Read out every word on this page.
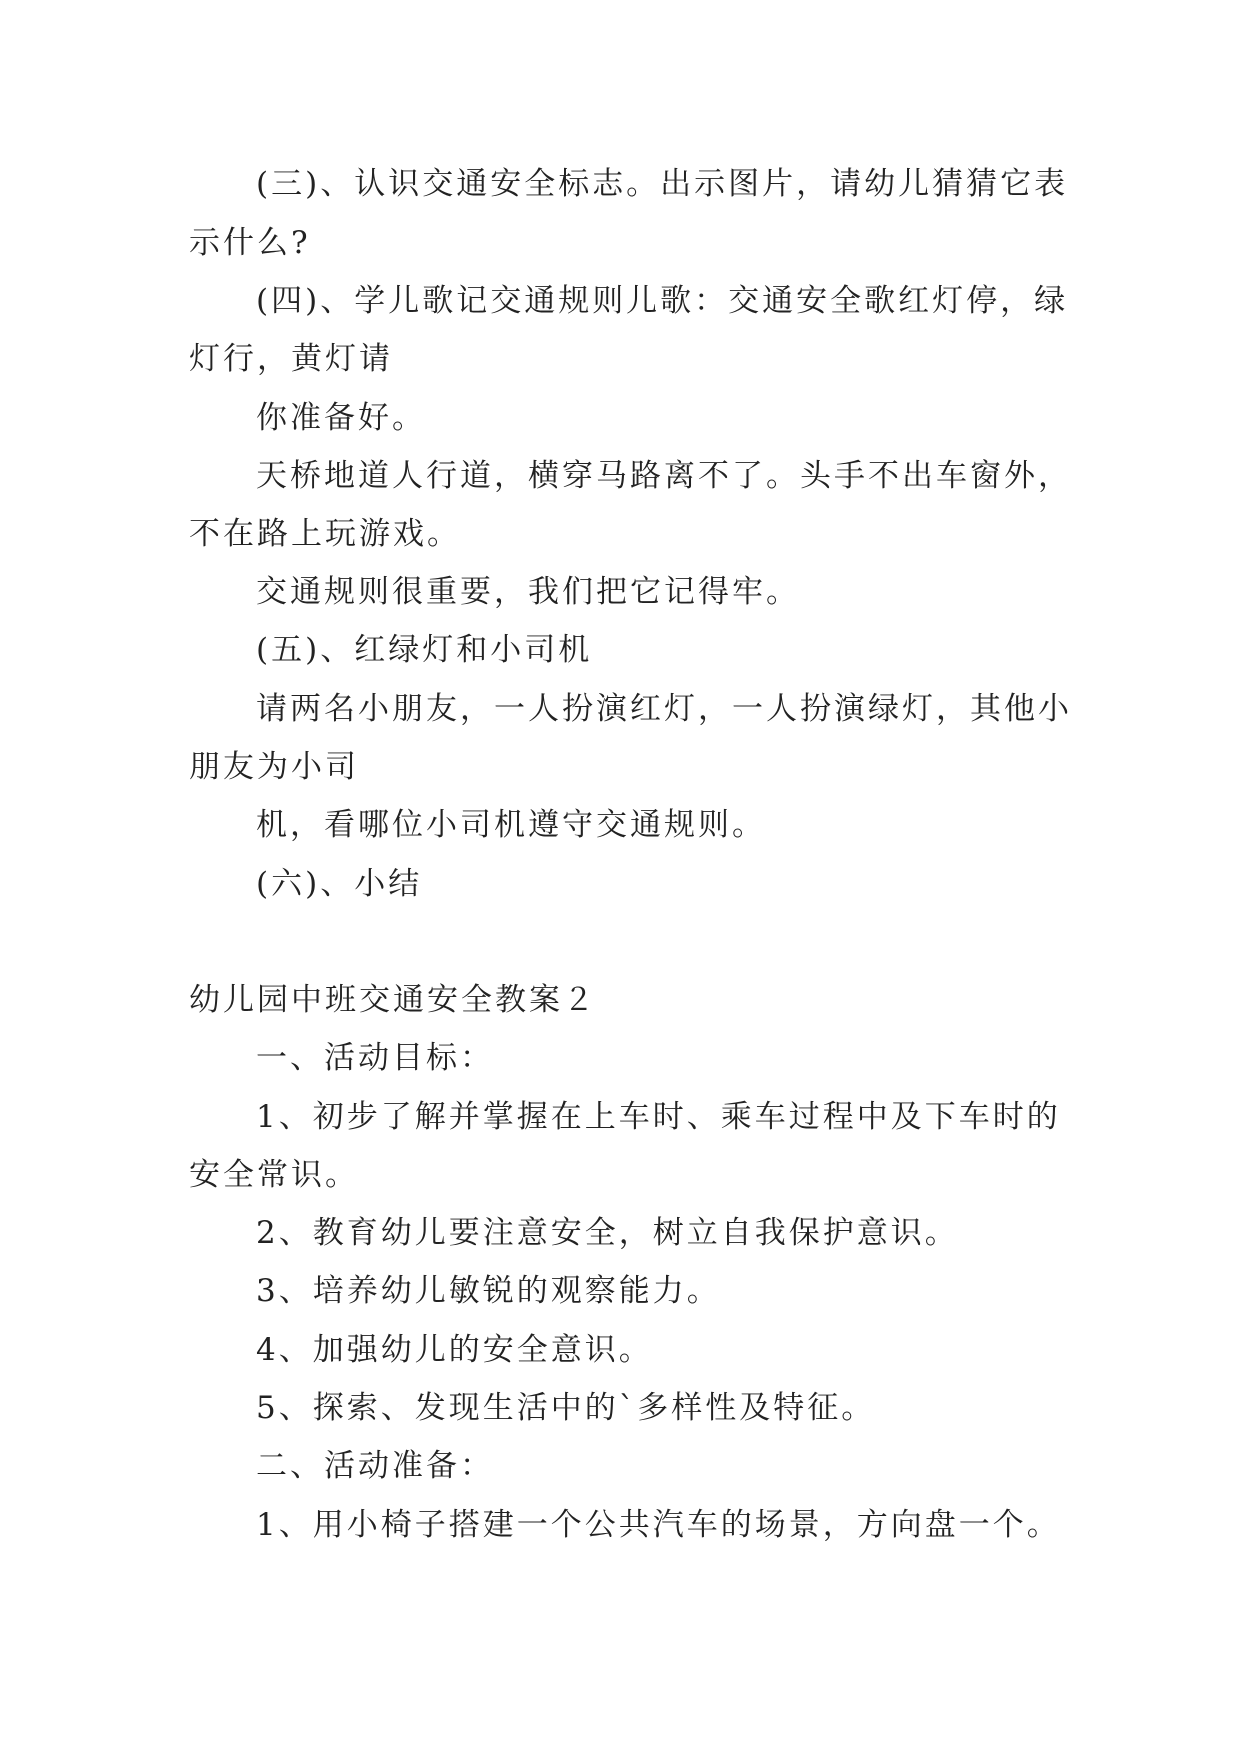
(三)、认识交通安全标志。出示图片，请幼儿猜猜它表
示什么?
(四)、学儿歌记交通规则儿歌：交通安全歌红灯停，绿
灯行，黄灯请
你准备好。
天桥地道人行道，横穿马路离不了。头手不出车窗外，
不在路上玩游戏。
交通规则很重要，我们把它记得牢。
(五)、红绿灯和小司机
请两名小朋友，一人扮演红灯，一人扮演绿灯，其他小
朋友为小司
机，看哪位小司机遵守交通规则。
(六)、小结
幼儿园中班交通安全教案２
一、活动目标：
1、初步了解并掌握在上车时、乘车过程中及下车时的
安全常识。
2、教育幼儿要注意安全，树立自我保护意识。
3、培养幼儿敏锐的观察能力。
4、加强幼儿的安全意识。
5、探索、发现生活中的`多样性及特征。
二、活动准备：
1、用小椅子搭建一个公共汽车的场景，方向盘一个。
